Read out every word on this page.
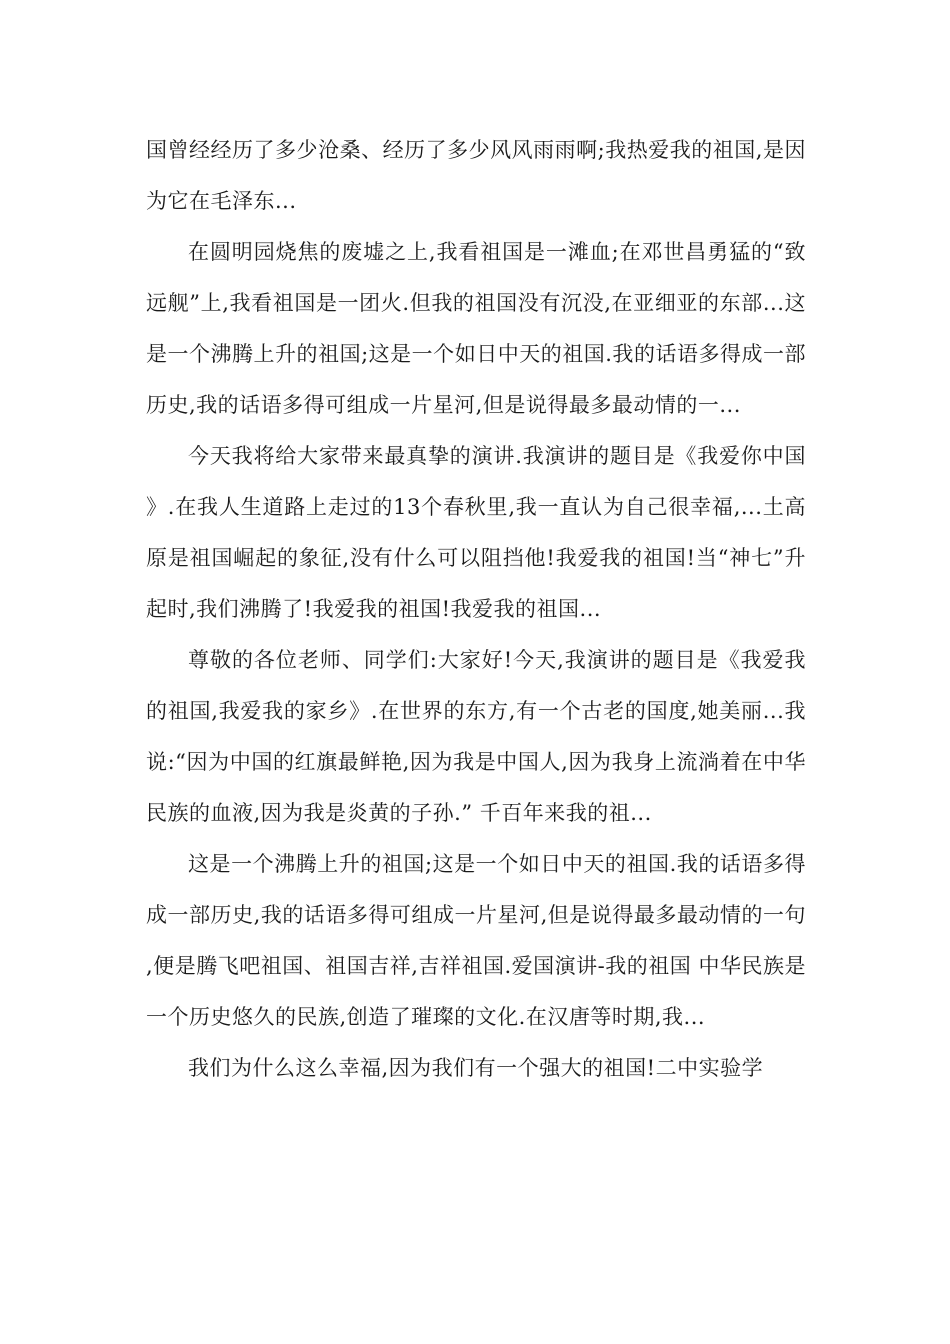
国曾经经历了多少沧桑、经历了多少风风雨雨啊;我热爱我的祖国,是因为它在毛泽东...

在圆明园烧焦的废墟之上,我看祖国是一滩血;在邓世昌勇猛的“致远舰”上,我看祖国是一团火.但我的祖国没有沉没,在亚细亚的东部...这是一个沸腾上升的祖国;这是一个如日中天的祖国.我的话语多得成一部历史,我的话语多得可组成一片星河,但是说得最多最动情的一...

今天我将给大家带来最真挚的演讲.我演讲的题目是《我爱你中国》.在我人生道路上走过的13个春秋里,我一直认为自己很幸福,...土高原是祖国崛起的象征,没有什么可以阻挡他!我爱我的祖国!当“神七”升起时,我们沸腾了!我爱我的祖国!我爱我的祖国...

尊敬的各位老师、同学们:大家好!今天,我演讲的题目是《我爱我的祖国,我爱我的家乡》.在世界的东方,有一个古老的国度,她美丽...我说:“因为中国的红旗最鲜艳,因为我是中国人,因为我身上流淌着在中华民族的血液,因为我是炎黄的子孙.” 千百年来我的祖...

这是一个沸腾上升的祖国;这是一个如日中天的祖国.我的话语多得成一部历史,我的话语多得可组成一片星河,但是说得最多最动情的一句,便是腾飞吧祖国、祖国吉祥,吉祥祖国.爱国演讲-我的祖国 中华民族是一个历史悠久的民族,创造了璀璨的文化.在汉唐等时期,我...

我们为什么这么幸福,因为我们有一个强大的祖国!二中实验学
